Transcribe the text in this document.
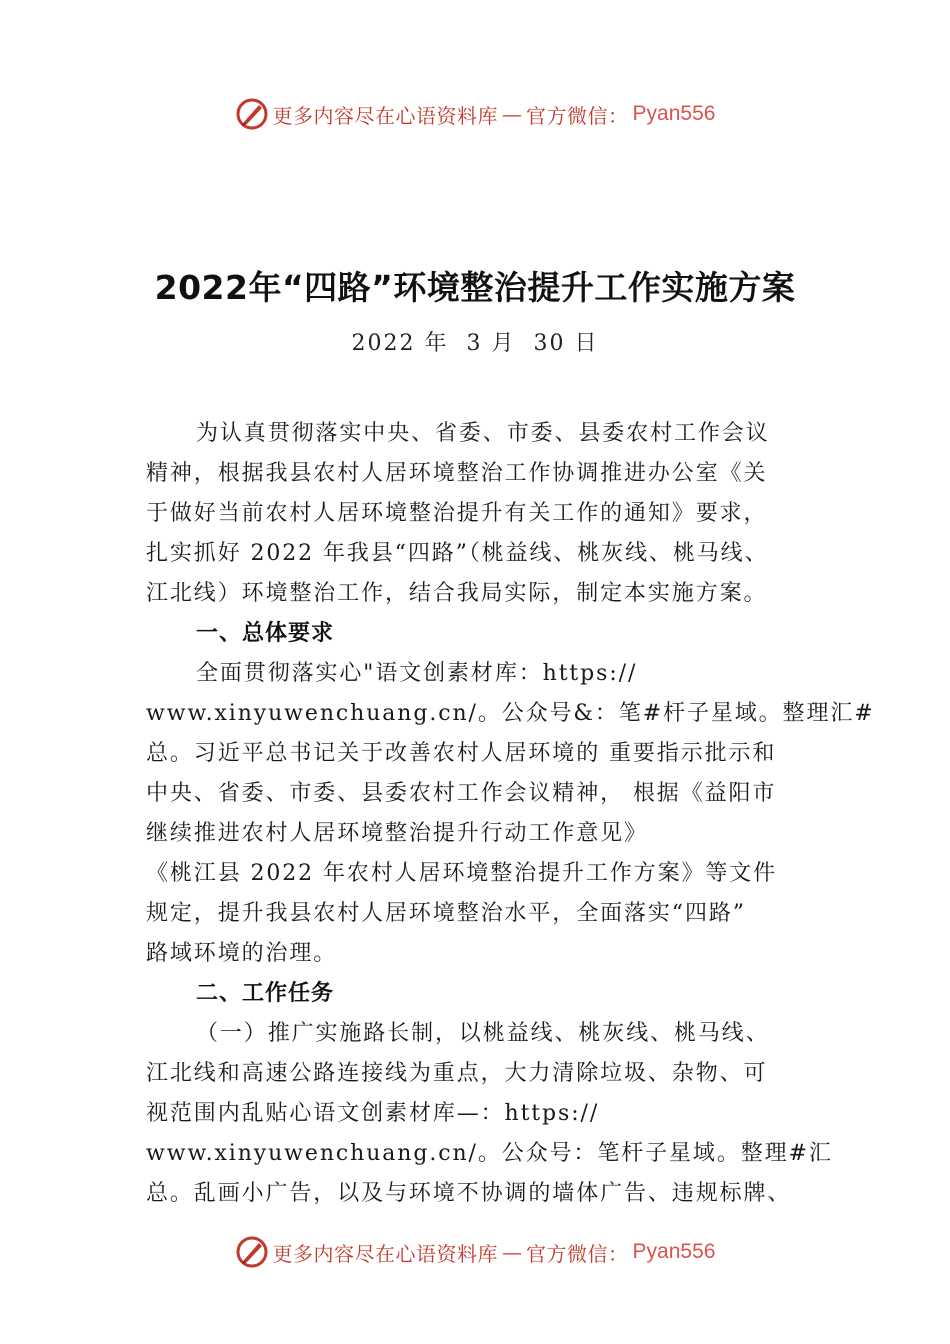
更多内容尽在心语资料库 — 官方微信： Pyan556
2022年“四路”环境整治提升工作实施方案
2022 年  3 月  30 日
为认真贯彻落实中央、省委、市委、县委农村工作会议
精神，根据我县农村人居环境整治工作协调推进办公室《关
于做好当前农村人居环境整治提升有关工作的通知》要求，
扎实抓好 2022 年我县“四路”（桃益线、桃灰线、桃马线、
江北线）环境整治工作，结合我局实际，制定本实施方案。
一、总体要求
全面贯彻落实心"语文创素材库：https://
www.xinyuwenchuang.cn/。公众号&：笔#杆子星域。整理汇#
总。习近平总书记关于改善农村人居环境的 重要指示批示和
中央、省委、市委、县委农村工作会议精神， 根据《益阳市
继续推进农村人居环境整治提升行动工作意见》
《桃江县 2022 年农村人居环境整治提升工作方案》等文件
规定，提升我县农村人居环境整治水平，全面落实“四路”
路域环境的治理。
二、工作任务
（一）推广实施路长制，以桃益线、桃灰线、桃马线、
江北线和高速公路连接线为重点，大力清除垃圾、杂物、可
视范围内乱贴心语文创素材库—：https://
www.xinyuwenchuang.cn/。公众号：笔杆子星域。整理#汇
总。乱画小广告，以及与环境不协调的墙体广告、违规标牌、
更多内容尽在心语资料库 — 官方微信： Pyan556
